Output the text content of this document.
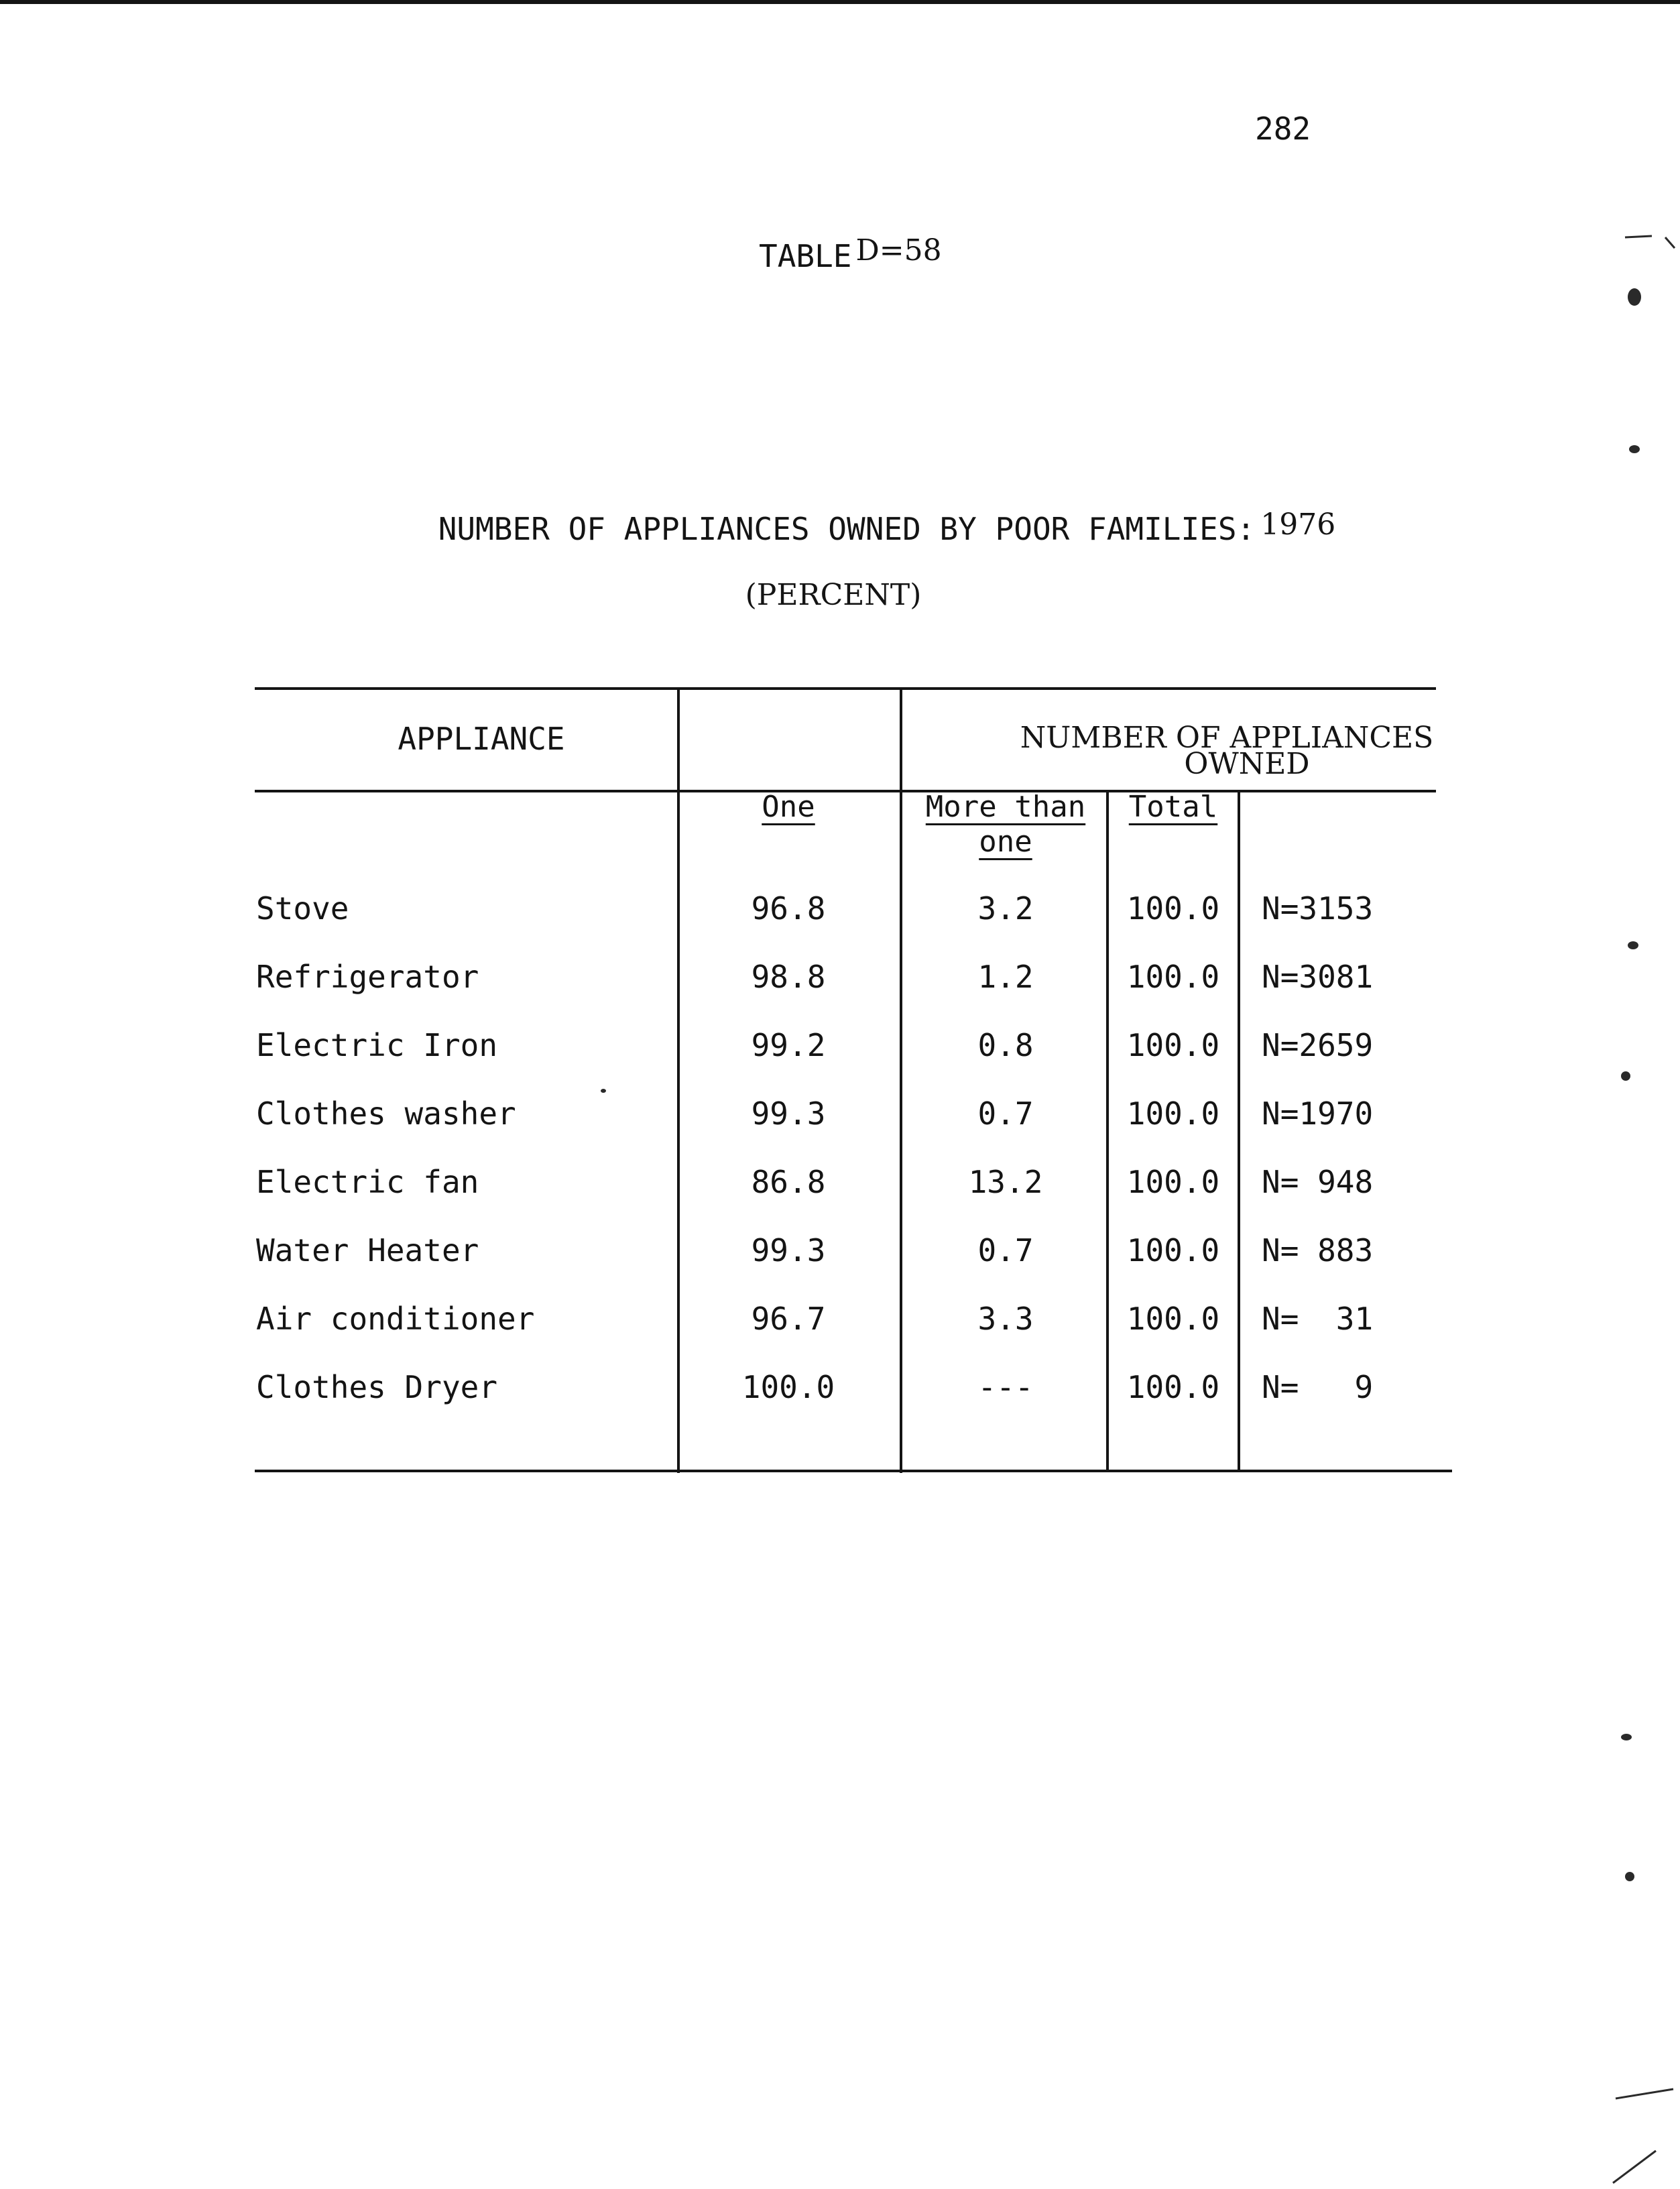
282
TABLE D=58
NUMBER OF APPLIANCES OWNED BY POOR FAMILIES: 1976
(PERCENT)
APPLIANCE	NUMBER OF APPLIANCES
OWNED
One	More than
one
Total
Stove	96.8	3.2	100.0	N=3153
Refrigerator	98.8	1.2	100.0	N=3081
Electric Iron	99.2	0.8	100.0	N=2659
Clothes washer	99.3	0.7	100.0	N=1970
Electric fan	86.8	13.2	100.0	N= 948
Water Heater	99.3	0.7	100.0	N= 883
Air conditioner	96.7	3.3	100.0	N=  31
Clothes Dryer	100.0	---	100.0	N=   9
